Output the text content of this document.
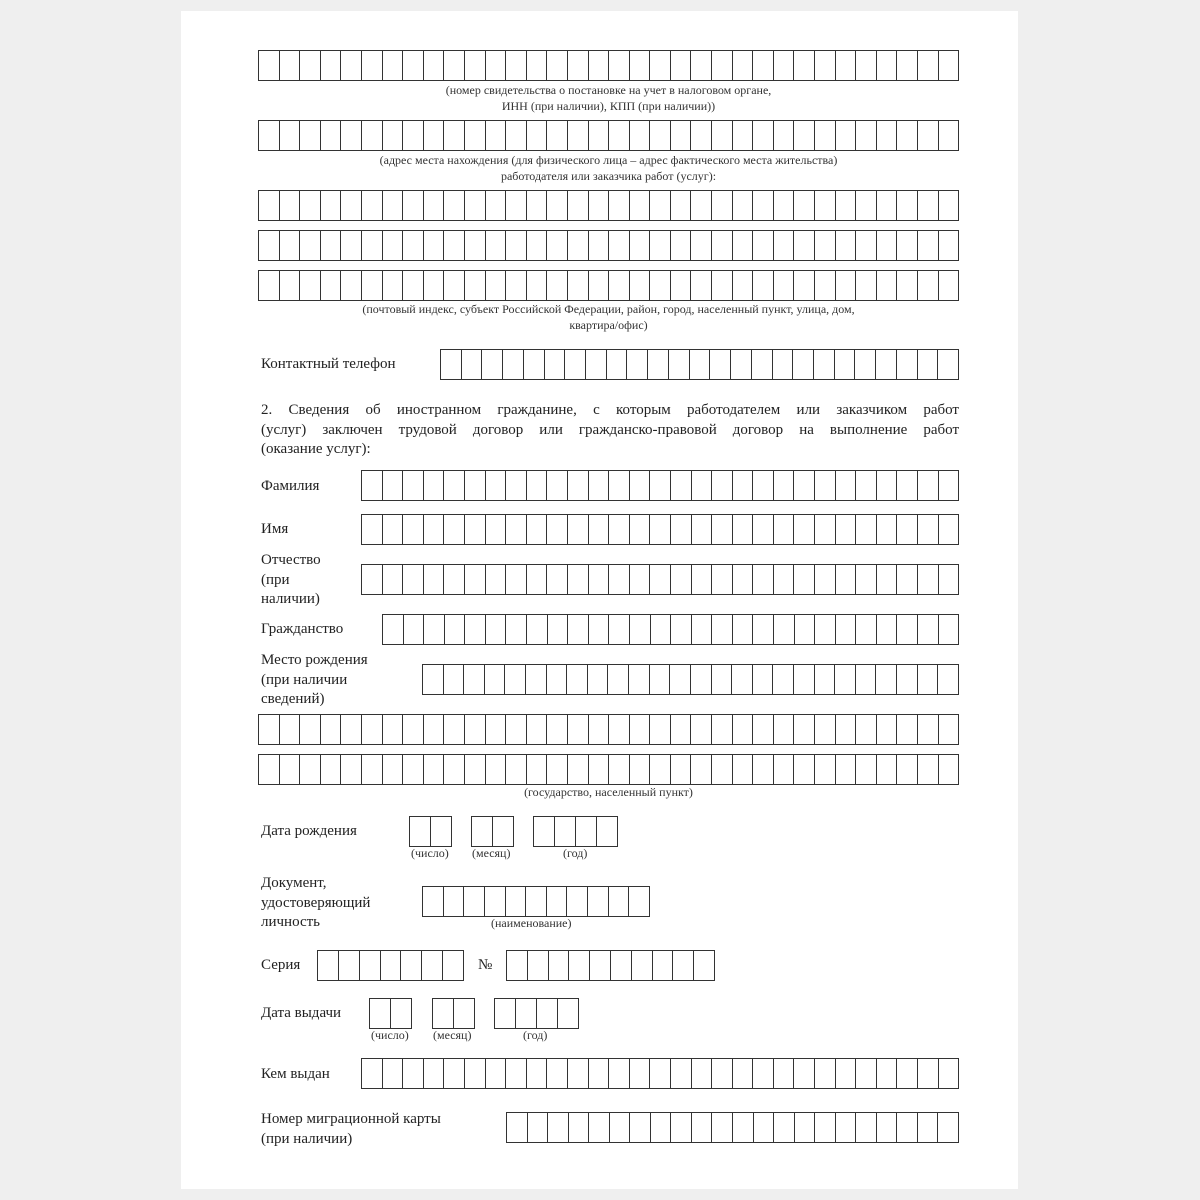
(номер свидетельства о постановке на учет в налоговом органе,
ИНН (при наличии), КПП (при наличии))
(адрес места нахождения (для физического лица – адрес фактического места жительства)
работодателя или заказчика работ (услуг):
(почтовый индекс, субъект Российской Федерации, район, город, населенный пункт, улица, дом,
квартира/офис)
Контактный телефон
2. Сведения об иностранном гражданине, с которым работодателем или заказчиком работ
(услуг) заключен трудовой договор или гражданско-правовой договор на выполнение работ
(оказание услуг):
Фамилия
Имя
Отчество
(при
наличии)
Гражданство
Место рождения
(при наличии
сведений)
(государство, населенный пункт)
Дата рождения
(число) (месяц)	(год)
Документ,
удостоверяющий
личность	(наименование)
Серия	№
Дата выдачи
(число) (месяц)	(год)
Кем выдан
Номер миграционной карты
(при наличии)
